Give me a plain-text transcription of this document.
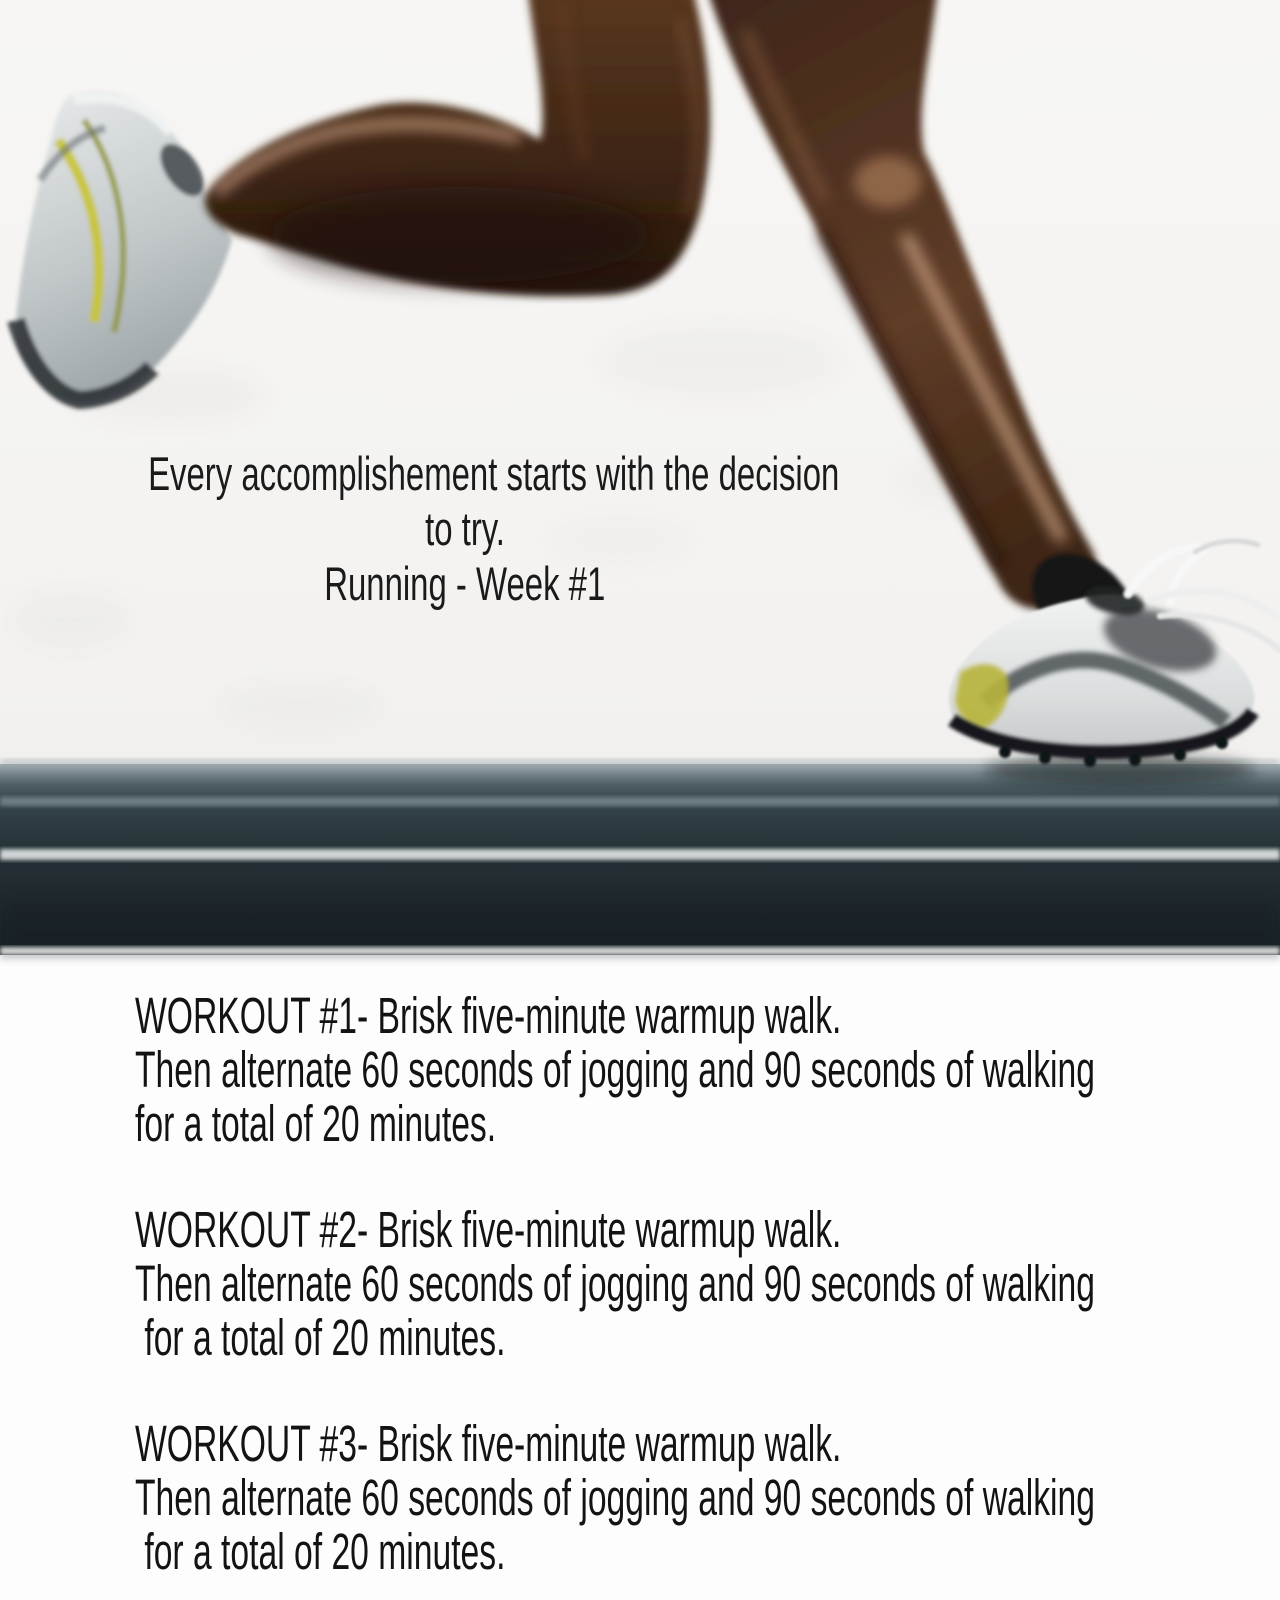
Every accomplishement starts with the decision
to try.
Running - Week #1
WORKOUT #1- Brisk five-minute warmup walk.
Then alternate 60 seconds of jogging and 90 seconds of walking
for a total of 20 minutes.
WORKOUT #2- Brisk five-minute warmup walk.
Then alternate 60 seconds of jogging and 90 seconds of walking
for a total of 20 minutes.
WORKOUT #3- Brisk five-minute warmup walk.
Then alternate 60 seconds of jogging and 90 seconds of walking
for a total of 20 minutes.
